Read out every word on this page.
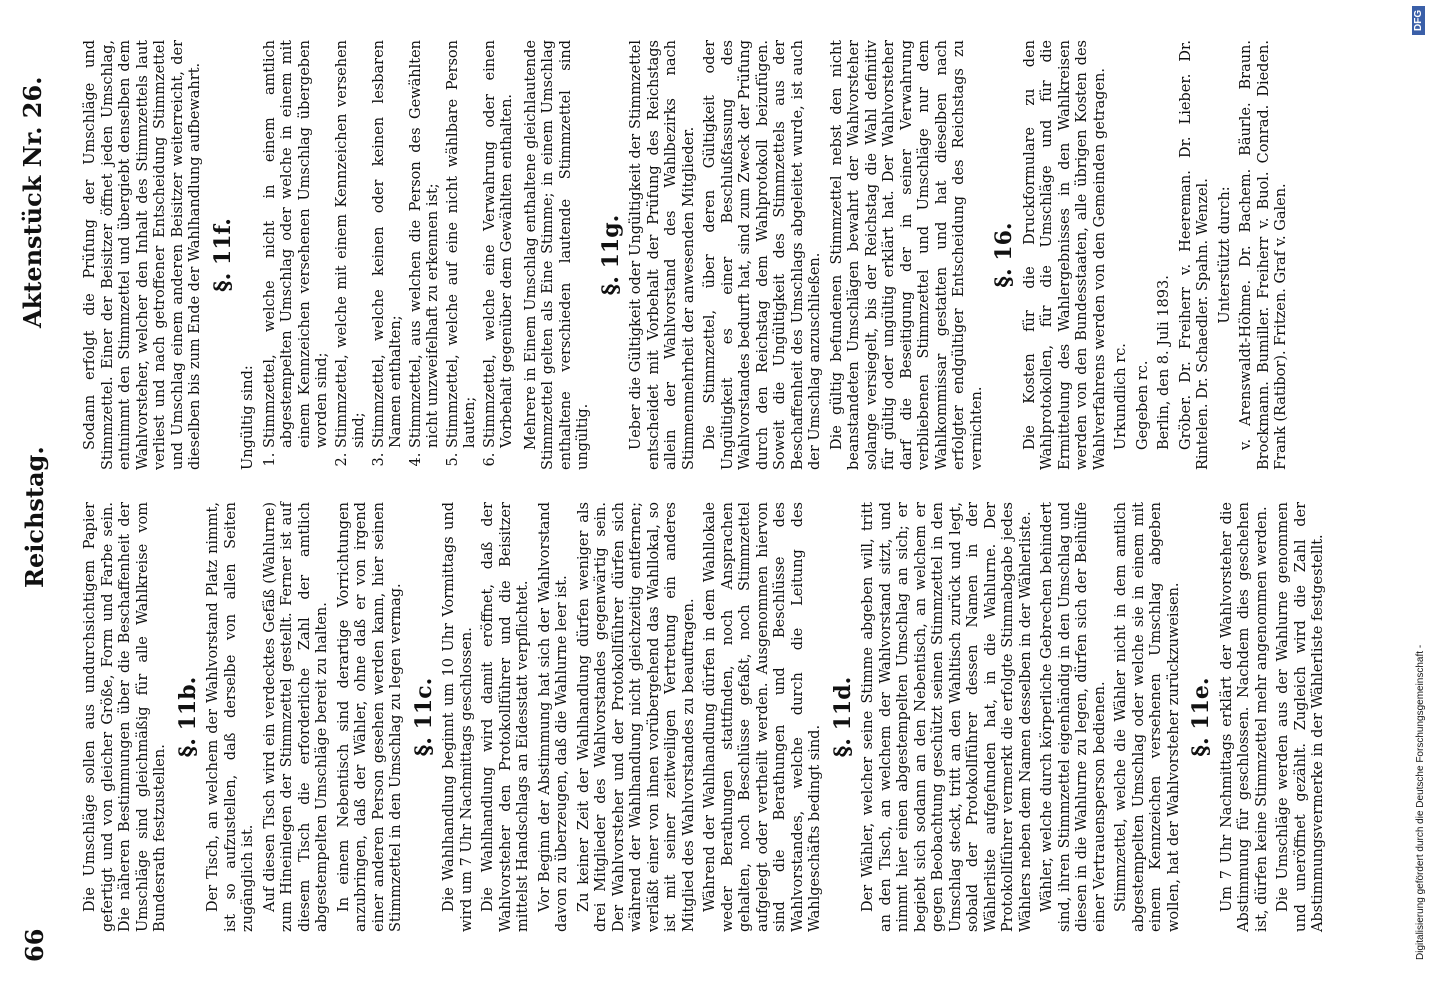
66
Reichstag.
Aktenstück Nr. 26.

Die Umschläge sollen aus undurchsichtigem Papier gefertigt und von gleicher Größe, Form und Farbe sein. Die näheren Bestimmungen über die Beschaffenheit der Umschläge sind gleichmäßig für alle Wahlkreise vom Bundesrath festzustellen.

§. 11b. Der Tisch, an welchem der Wahlvorstand Platz nimmt, ist so aufzustellen, daß derselbe von allen Seiten zugänglich ist. Auf diesen Tisch wird ein verdecktes Gefäß (Wahlurne) zum Hineinlegen der Stimmzettel gestellt. Ferner ist auf diesem Tisch die erforderliche Zahl der amtlich abgestempelten Umschläge bereit zu halten. In einem Nebentisch sind derartige Vorrichtungen anzubringen, daß der Wähler, ohne daß er von irgend einer anderen Person gesehen werden kann, hier seinen Stimmzettel in den Umschlag zu legen vermag. §. 11c. Die Wahlhandlung beginnt um 10 Uhr Vormittags und wird um 7 Uhr Nachmittags geschlossen. Die Wahlhandlung wird damit eröffnet, daß der Wahlvorsteher den Protokollführer und die Beisitzer mittelst Handschlags an Eidesstatt verpflichtet. Vor Beginn der Abstimmung hat sich der Wahlvorstand davon zu überzeugen, daß die Wahlurne leer ist. Zu keiner Zeit der Wahlhandlung dürfen weniger als drei Mitglieder des Wahlvorstandes gegenwärtig sein. Der Wahlvorsteher und der Protokollführer dürfen sich während der Wahlhandlung nicht gleichzeitig entfernen; verläßt einer von ihnen vorübergehend das Wahllokal, so ist mit seiner zeitweiligen Vertretung ein anderes Mitglied des Wahlvorstandes zu beauftragen. Während der Wahlhandlung dürfen in dem Wahllokale weder Berathungen stattfinden, noch Ansprachen gehalten, noch Beschlüsse gefaßt, noch Stimmzettel aufgelegt oder vertheilt werden. Ausgenommen hiervon sind die Berathungen und Beschlüsse des Wahlvorstandes, welche durch die Leitung des Wahlgeschäfts bedingt sind.

§. 11d. Der Wähler, welcher seine Stimme abgeben will, tritt an den Tisch, an welchem der Wahlvorstand sitzt, und nimmt hier einen abgestempelten Umschlag an sich; er begiebt sich sodann an den Nebentisch, an welchem er gegen Beobachtung geschützt seinen Stimmzettel in den Umschlag steckt, tritt an den Wahltisch zurück und legt, sobald der Protokollführer dessen Namen in der Wählerliste aufgefunden hat, in die Wahlurne. Der Protokollführer vermerkt die erfolgte Stimmabgabe jedes Wählers neben dem Namen desselben in der Wählerliste. Wähler, welche durch körperliche Gebrechen behindert sind, ihren Stimmzettel eigenhändig in den Umschlag und diesen in die Wahlurne zu legen, dürfen sich der Beihülfe einer Vertrauensperson bedienen. Stimmzettel, welche die Wähler nicht in dem amtlich abgestempelten Umschlag oder welche sie in einem mit einem Kennzeichen versehenen Umschlag abgeben wollen, hat der Wahlvorsteher zurückzuweisen. §. 11e. Um 7 Uhr Nachmittags erklärt der Wahlvorsteher die Abstimmung für geschlossen. Nachdem dies geschehen ist, dürfen keine Stimmzettel mehr angenommen werden. Die Umschläge werden aus der Wahlurne genommen und uneröffnet gezählt. Zugleich wird die Zahl der Abstimmungsvermerke in der Wählerliste festgestellt.

Sodann erfolgt die Prüfung der Umschläge und Stimmzettel. Einer der Beisitzer öffnet jeden Umschlag, entnimmt den Stimmzettel und übergiebt denselben dem Wahlvorsteher, welcher den Inhalt des Stimmzettels laut verliest und nach getroffener Entscheidung Stimmzettel und Umschlag einem anderen Beisitzer weiterreicht, der dieselben bis zum Ende der Wahlhandlung aufbewahrt. §. 11f.

Ungültig sind: 1. Stimmzettel, welche nicht in einem amtlich abgestempelten Umschlag oder welche in einem mit einem Kennzeichen versehenen Umschlag übergeben worden sind; 2. Stimmzettel, welche mit einem Kennzeichen versehen sind; 3. Stimmzettel, welche keinen oder keinen lesbaren Namen enthalten; 4. Stimmzettel, aus welchen die Person des Gewählten nicht unzweifelhaft zu erkennen ist; 5. Stimmzettel, welche auf eine nicht wählbare Person lauten; 6. Stimmzettel, welche eine Verwahrung oder einen Vorbehalt gegenüber dem Gewählten enthalten. Mehrere in Einem Umschlag enthaltene gleichlautende Stimmzettel gelten als Eine Stimme; in einem Umschlag enthaltene verschieden lautende Stimmzettel sind ungültig.

§. 11g. Ueber die Gültigkeit oder Ungültigkeit der Stimmzettel entscheidet mit Vorbehalt der Prüfung des Reichstags allein der Wahlvorstand des Wahlbezirks nach Stimmenmehrheit der anwesenden Mitglieder. Die Stimmzettel, über deren Gültigkeit oder Ungültigkeit es einer Beschlußfassung des Wahlvorstandes bedurft hat, sind zum Zweck der Prüfung durch den Reichstag dem Wahlprotokoll beizufügen. Soweit die Ungültigkeit des Stimmzettels aus der Beschaffenheit des Umschlags abgeleitet wurde, ist auch der Umschlag anzuschließen. Die gültig befundenen Stimmzettel nebst den nicht beanstandeten Umschlägen bewahrt der Wahlvorsteher solange versiegelt, bis der Reichstag die Wahl definitiv für gültig oder ungültig erklärt hat. Der Wahlvorsteher darf die Beseitigung der in seiner Verwahrung verbliebenen Stimmzettel und Umschläge nur dem Wahlkommissar gestatten und hat dieselben nach erfolgter endgültiger Entscheidung des Reichstags zu vernichten.

§. 16. Die Kosten für die Druckformulare zu den Wahlprotokollen, für die Umschläge und für die Ermittelung des Wahlergebnisses in den Wahlkreisen werden von den Bundesstaaten, alle übrigen Kosten des Wahlverfahrens werden von den Gemeinden getragen. Urkundlich rc. Gegeben rc. Berlin, den 8. Juli 1893. Gröber. Dr. Freiherr v. Heereman. Dr. Lieber. Dr. Rintelen. Dr. Schaedler. Spahn. Wenzel. Unterstützt durch: v. Arenswaldt-Höhme. Dr. Bachem. Bäurle. Braun. Brockmann. Bumiller. Freiherr v. Buol. Conrad. Dieden. Frank (Ratibor). Fritzen. Graf v. Galen.

Digitalisierung gefördert durch die Deutsche Forschungsgemeinschaft -
DFG
